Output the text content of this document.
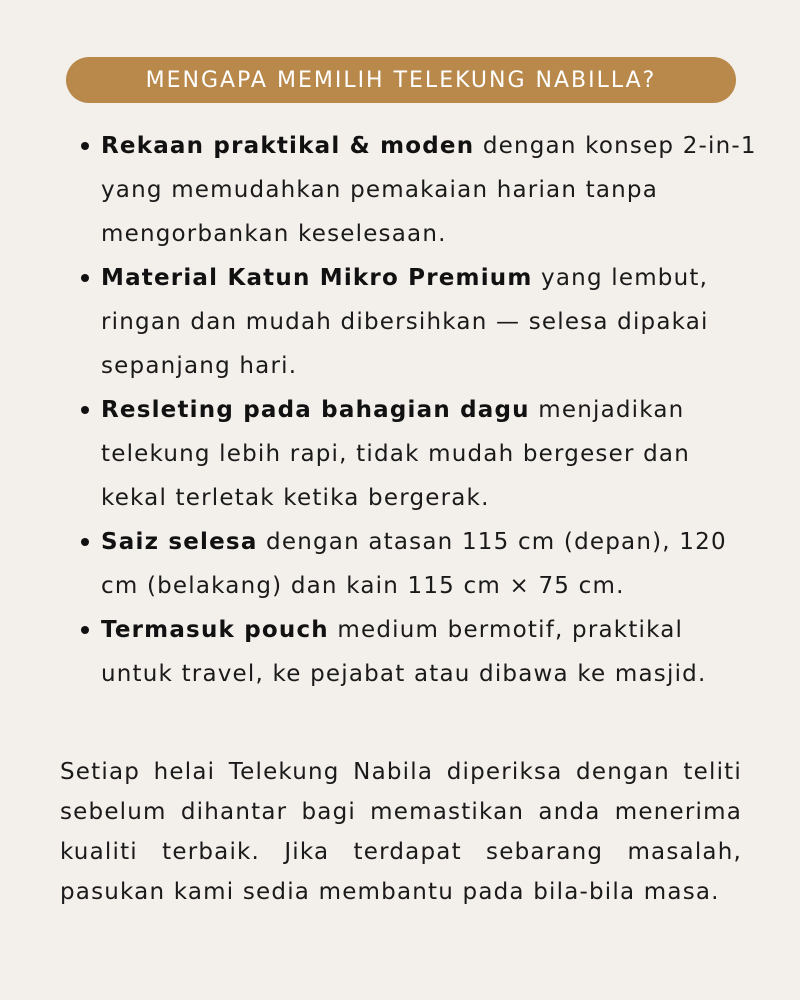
MENGAPA MEMILIH TELEKUNG NABILLA?
Rekaan praktikal & moden dengan konsep 2-in-1 yang memudahkan pemakaian harian tanpa mengorbankan keselesaan.
Material Katun Mikro Premium yang lembut, ringan dan mudah dibersihkan — selesa dipakai sepanjang hari.
Resleting pada bahagian dagu menjadikan telekung lebih rapi, tidak mudah bergeser dan kekal terletak ketika bergerak.
Saiz selesa dengan atasan 115 cm (depan), 120 cm (belakang) dan kain 115 cm × 75 cm.
Termasuk pouch medium bermotif, praktikal untuk travel, ke pejabat atau dibawa ke masjid.

Setiap helai Telekung Nabila diperiksa dengan teliti sebelum dihantar bagi memastikan anda menerima kualiti terbaik. Jika terdapat sebarang masalah, pasukan kami sedia membantu pada bila-bila masa.
